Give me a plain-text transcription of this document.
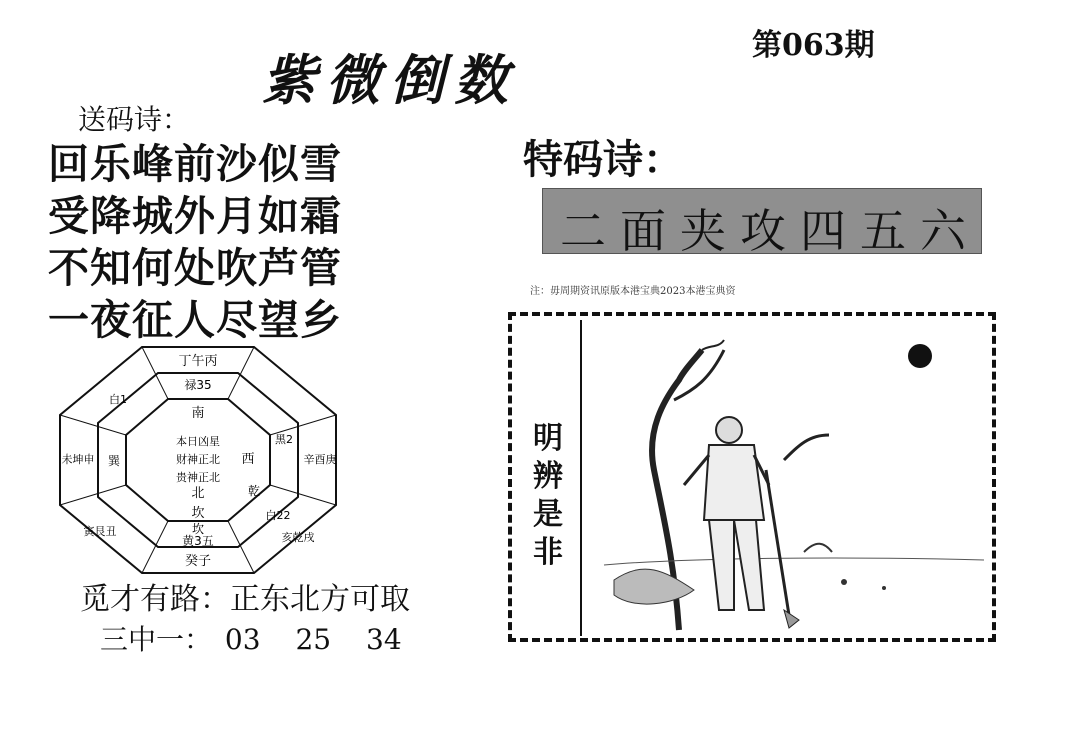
第063期
紫微倒数
送码诗：
回乐峰前沙似雪
受降城外月如霜
不知何处吹芦管
一夜征人尽望乡
特码诗：
二面夹攻四五六
注：毋周期资讯原版本港宝典2023本港宝典资
南
西
本日凶星
财神正北
贵神正北
北
坎
丁午丙
禄35
乾
坎
黄3五
癸子
白22
亥乾戌
辛酉庚
黑2
未坤申
白1
巽
寅艮丑
觅才有路：正东北方可取
三中一： 03 25 34
明
辨
是
非
